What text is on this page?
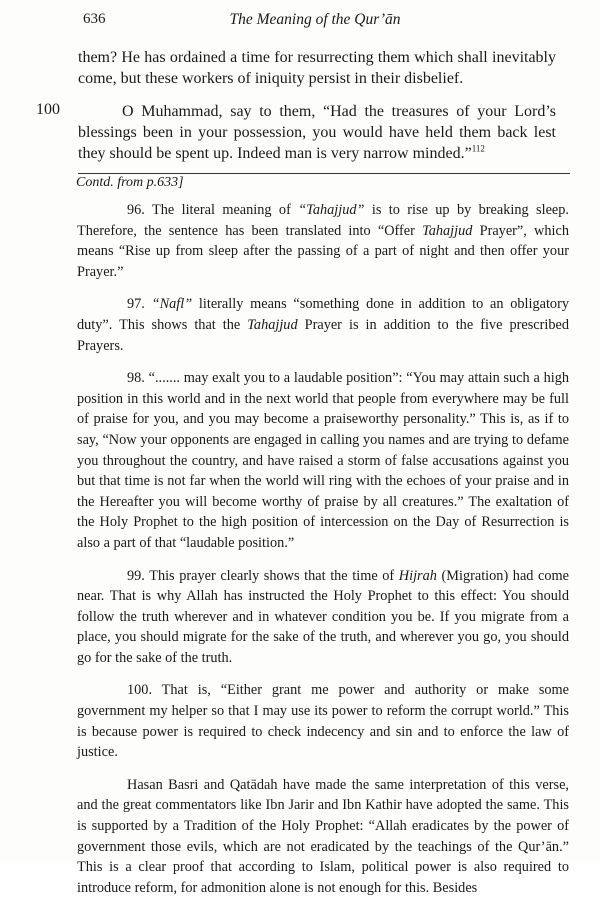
636	The Meaning of the Qur’ān

them? He has ordained a time for resurrecting them which shall inevitably come, but these workers of iniquity persist in their disbelief.

100	O Muhammad, say to them, “Had the treasures of your Lord’s blessings been in your possession, you would have held them back lest they should be spent up. Indeed man is very narrow minded.”$^{112}$

Contd. from p.633]

96. The literal meaning of “Tahajjud” is to rise up by breaking sleep. Therefore, the sentence has been translated into “Offer Tahajjud Prayer”, which means “Rise up from sleep after the passing of a part of night and then offer your Prayer.”

97. “Nafl” literally means “something done in addition to an obligatory duty”. This shows that the Tahajjud Prayer is in addition to the five prescribed Prayers.

98. “....... may exalt you to a laudable position”: “You may attain such a high position in this world and in the next world that people from everywhere may be full of praise for you, and you may become a praiseworthy personality.” This is, as if to say, “Now your opponents are engaged in calling you names and are trying to defame you throughout the country, and have raised a storm of false accusations against you but that time is not far when the world will ring with the echoes of your praise and in the Hereafter you will become worthy of praise by all creatures.” The exaltation of the Holy Prophet to the high position of intercession on the Day of Resurrection is also a part of that “laudable position.”

99. This prayer clearly shows that the time of Hijrah (Migration) had come near. That is why Allah has instructed the Holy Prophet to this effect: You should follow the truth wherever and in whatever condition you be. If you migrate from a place, you should migrate for the sake of the truth, and wherever you go, you should go for the sake of the truth.

100. That is, “Either grant me power and authority or make some government my helper so that I may use its power to reform the corrupt world.” This is because power is required to check indecency and sin and to enforce the law of justice.

Hasan Basri and Qatādah have made the same interpretation of this verse, and the great commentators like Ibn Jarir and Ibn Kathir have adopted the same. This is supported by a Tradition of the Holy Prophet: “Allah eradicates by the power of government those evils, which are not eradicated by the teachings of the Qur’ān.” This is a clear proof that according to Islam, political power is also required to introduce reform, for admonition alone is not enough for this. Besides
